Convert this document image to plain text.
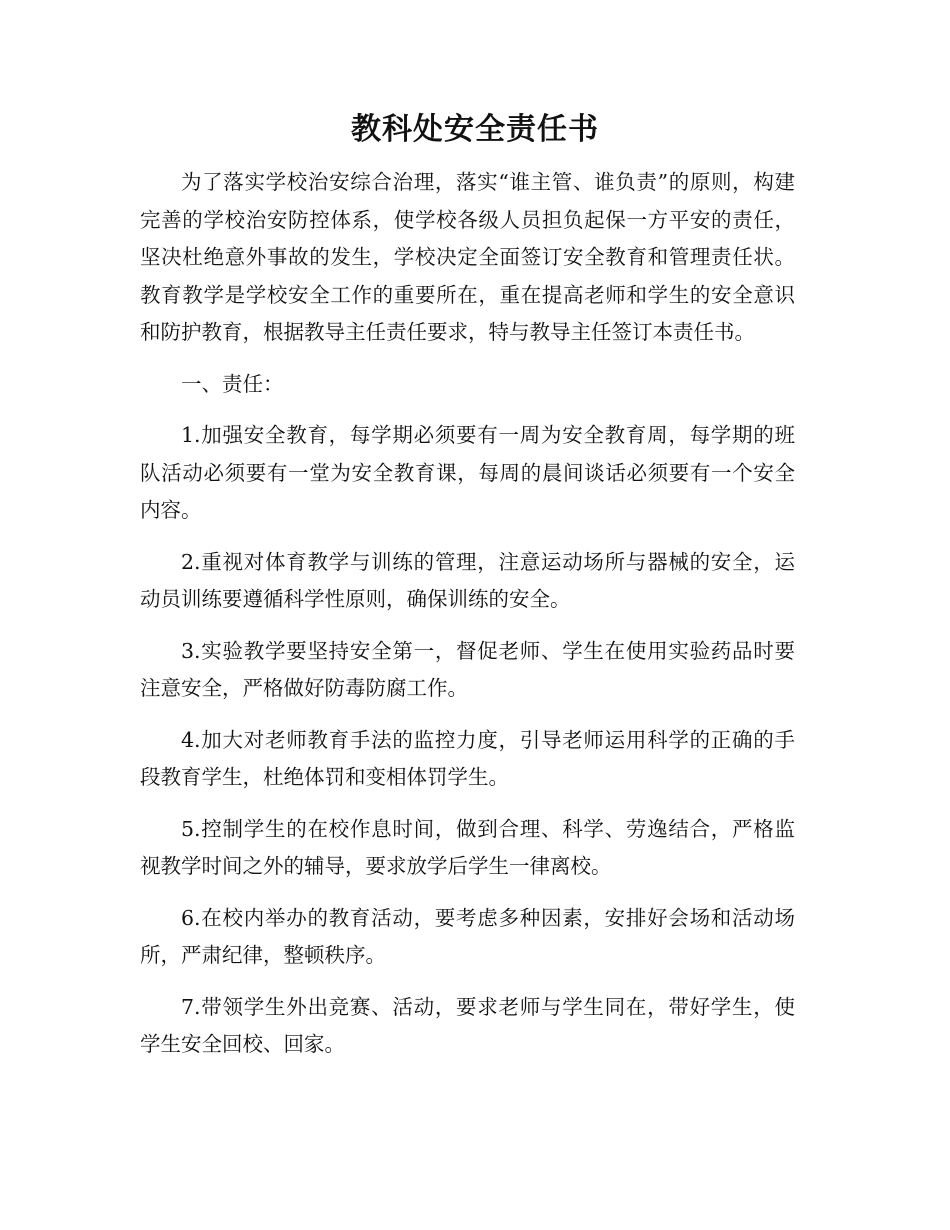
教科处安全责任书

为了落实学校治安综合治理，落实“谁主管、谁负责”的原则，构建完善的学校治安防控体系，使学校各级人员担负起保一方平安的责任，坚决杜绝意外事故的发生，学校决定全面签订安全教育和管理责任状。教育教学是学校安全工作的重要所在，重在提高老师和学生的安全意识和防护教育，根据教导主任责任要求，特与教导主任签订本责任书。

一、责任：

1.加强安全教育，每学期必须要有一周为安全教育周，每学期的班队活动必须要有一堂为安全教育课，每周的晨间谈话必须要有一个安全内容。

2.重视对体育教学与训练的管理，注意运动场所与器械的安全，运动员训练要遵循科学性原则，确保训练的安全。

3.实验教学要坚持安全第一，督促老师、学生在使用实验药品时要注意安全，严格做好防毒防腐工作。

4.加大对老师教育手法的监控力度，引导老师运用科学的正确的手段教育学生，杜绝体罚和变相体罚学生。

5.控制学生的在校作息时间，做到合理、科学、劳逸结合，严格监视教学时间之外的辅导，要求放学后学生一律离校。

6.在校内举办的教育活动，要考虑多种因素，安排好会场和活动场所，严肃纪律，整顿秩序。

7.带领学生外出竞赛、活动，要求老师与学生同在，带好学生，使学生安全回校、回家。
